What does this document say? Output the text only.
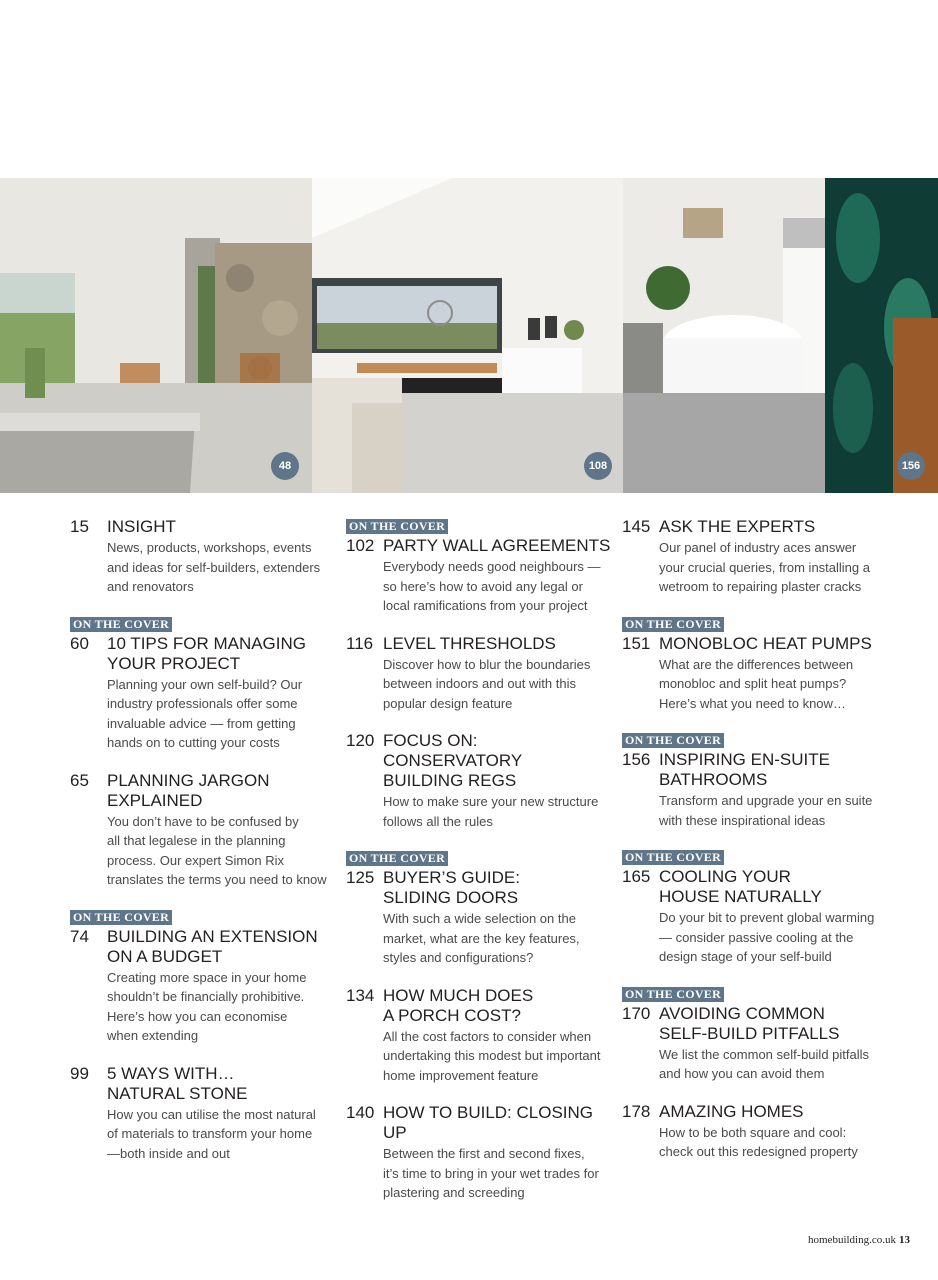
48	108	156
15	INSIGHT
News, products, workshops, events
and ideas for self-builders, extenders
and renovators
ON THE COVER
60	10 TIPS FOR MANAGING
YOUR PROJECT
Planning your own self-build? Our
industry professionals offer some
invaluable advice — from getting
hands on to cutting your costs
65	PLANNING JARGON
EXPLAINED
You don’t have to be confused by
all that legalese in the planning
process. Our expert Simon Rix
translates the terms you need to know
ON THE COVER
74	BUILDING AN EXTENSION
ON A BUDGET
Creating more space in your home
shouldn’t be financially prohibitive.
Here’s how you can economise
when extending
99	5 WAYS WITH…
NATURAL STONE
How you can utilise the most natural
of materials to transform your home
—both inside and out
ON THE COVER
102 PARTY WALL AGREEMENTS
Everybody needs good neighbours —
so here’s how to avoid any legal or
local ramifications from your project
116 LEVEL THRESHOLDS
Discover how to blur the boundaries
between indoors and out with this
popular design feature
120 FOCUS ON: CONSERVATORY
BUILDING REGS
How to make sure your new structure
follows all the rules
ON THE COVER
125 BUYER’S GUIDE:
SLIDING DOORS
With such a wide selection on the
market, what are the key features,
styles and configurations?
134 HOW MUCH DOES
A PORCH COST?
All the cost factors to consider when
undertaking this modest but important
home improvement feature
140 HOW TO BUILD: CLOSING UP
Between the first and second fixes,
it’s time to bring in your wet trades for
plastering and screeding
145 ASK THE EXPERTS
Our panel of industry aces answer
your crucial queries, from installing a
wetroom to repairing plaster cracks
ON THE COVER
151 MONOBLOC HEAT PUMPS
What are the differences between
monobloc and split heat pumps?
Here’s what you need to know…
ON THE COVER
156 INSPIRING EN-SUITE
BATHROOMS
Transform and upgrade your en suite
with these inspirational ideas
ON THE COVER
165 COOLING YOUR
HOUSE NATURALLY
Do your bit to prevent global warming
— consider passive cooling at the
design stage of your self-build
ON THE COVER
170 AVOIDING COMMON
SELF-BUILD PITFALLS
We list the common self-build pitfalls
and how you can avoid them
178 AMAZING HOMES
How to be both square and cool:
check out this redesigned property
homebuilding.co.uk 13
